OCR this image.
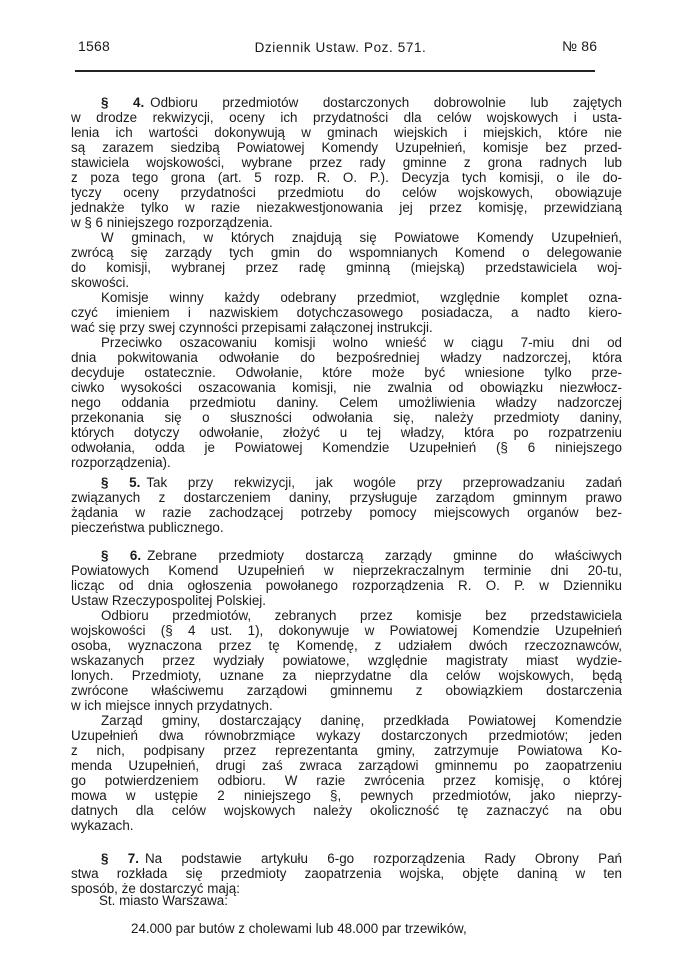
1568	Dziennik Ustaw. Poz. 571.	№ 86
§ 4. Odbioru przedmiotów dostarczonych dobrowolnie lub zajętych
w drodze rekwizycji, oceny ich przydatności dla celów wojskowych i usta-
lenia ich wartości dokonywują w gminach wiejskich i miejskich, które nie
są zarazem siedzibą Powiatowej Komendy Uzupełnień, komisje bez przed-
stawiciela wojskowości, wybrane przez rady gminne z grona radnych lub
z poza tego grona (art. 5 rozp. R. O. P.). Decyzja tych komisji, o ile do-
tyczy oceny przydatności przedmiotu do celów wojskowych, obowiązuje
jednakże tylko w razie niezakwestjonowania jej przez komisję, przewidzianą
w § 6 niniejszego rozporządzenia.
W gminach, w których znajdują się Powiatowe Komendy Uzupełnień,
zwrócą się zarządy tych gmin do wspomnianych Komend o delegowanie
do komisji, wybranej przez radę gminną (miejską) przedstawiciela woj-
skowości.
Komisje winny każdy odebrany przedmiot, względnie komplet ozna-
czyć imieniem i nazwiskiem dotychczasowego posiadacza, a nadto kiero-
wać się przy swej czynności przepisami załączonej instrukcji.
Przeciwko oszacowaniu komisji wolno wnieść w ciągu 7-miu dni od
dnia pokwitowania odwołanie do bezpośredniej władzy nadzorczej, która
decyduje ostatecznie. Odwołanie, które może być wniesione tylko prze-
ciwko wysokości oszacowania komisji, nie zwalnia od obowiązku niezwłocz-
nego oddania przedmiotu daniny. Celem umożliwienia władzy nadzorczej
przekonania się o słuszności odwołania się, należy przedmioty daniny,
których dotyczy odwołanie, złożyć u tej władzy, która po rozpatrzeniu
odwołania, odda je Powiatowej Komendzie Uzupełnień (§ 6 niniejszego
rozporządzenia).
§ 5. Tak przy rekwizycji, jak wogóle przy przeprowadzaniu zadań
związanych z dostarczeniem daniny, przysługuje zarządom gminnym prawo
żądania w razie zachodzącej potrzeby pomocy miejscowych organów bez-
pieczeństwa publicznego.
§ 6. Zebrane przedmioty dostarczą zarządy gminne do właściwych
Powiatowych Komend Uzupełnień w nieprzekraczalnym terminie dni 20-tu,
licząc od dnia ogłoszenia powołanego rozporządzenia R. O. P. w Dzienniku
Ustaw Rzeczypospolitej Polskiej.
Odbioru przedmiotów, zebranych przez komisje bez przedstawiciela
wojskowości (§ 4 ust. 1), dokonywuje w Powiatowej Komendzie Uzupełnień
osoba, wyznaczona przez tę Komendę, z udziałem dwóch rzeczoznawców,
wskazanych przez wydziały powiatowe, względnie magistraty miast wydzie-
lonych. Przedmioty, uznane za nieprzydatne dla celów wojskowych, będą
zwrócone właściwemu zarządowi gminnemu z obowiązkiem dostarczenia
w ich miejsce innych przydatnych.
Zarząd gminy, dostarczający daninę, przedkłada Powiatowej Komendzie
Uzupełnień dwa równobrzmiące wykazy dostarczonych przedmiotów; jeden
z nich, podpisany przez reprezentanta gminy, zatrzymuje Powiatowa Ko-
menda Uzupełnień, drugi zaś zwraca zarządowi gminnemu po zaopatrzeniu
go potwierdzeniem odbioru. W razie zwrócenia przez komisję, o której
mowa w ustępie 2 niniejszego §, pewnych przedmiotów, jako nieprzy-
datnych dla celów wojskowych należy okoliczność tę zaznaczyć na obu
wykazach.
§ 7. Na podstawie artykułu 6-go rozporządzenia Rady Obrony Pań
stwa rozkłada się przedmioty zaopatrzenia wojska, objęte daniną w ten
sposób, że dostarczyć mają:
St. miasto Warszawa:
24.000 par butów z cholewami lub 48.000 par trzewików,
